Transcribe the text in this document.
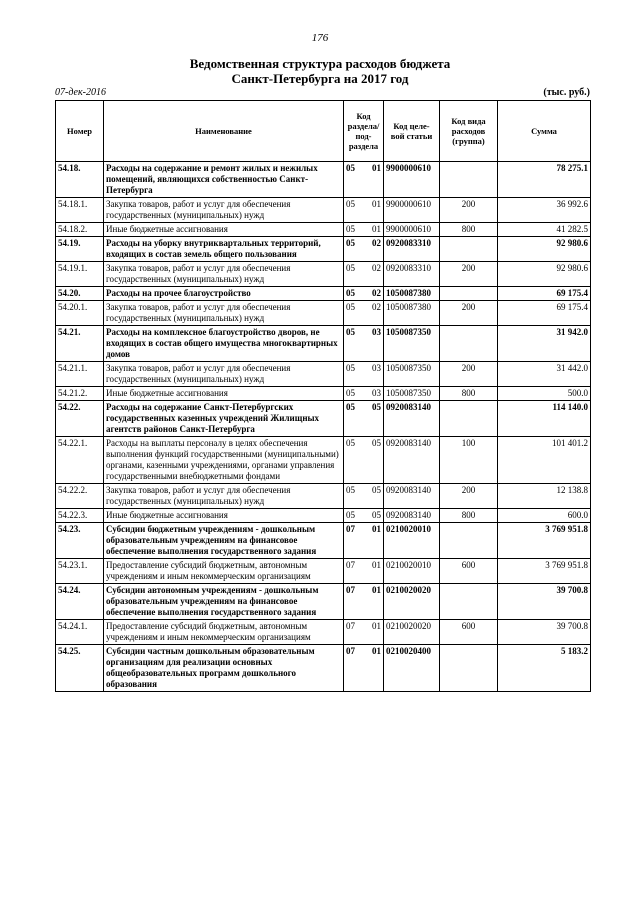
176
Ведомственная структура расходов бюджета
Санкт-Петербурга на 2017 год
07-дек-2016	(тыс. руб.)
Номер	Наименование	Код раздела/ под- раздела		Код целе- вой статьи	Код вида расходов (группа)	Сумма
54.18.	Расходы на содержание и ремонт жилых и нежилых помещений, являющихся собственностью Санкт-Петербурга	05	01	9900000610		78 275.1
54.18.1.	Закупка товаров, работ и услуг для обеспечения государственных (муниципальных) нужд	05	01	9900000610	200	36 992.6
54.18.2.	Иные бюджетные ассигнования	05	01	9900000610	800	41 282.5
54.19.	Расходы на уборку внутриквартальных территорий, входящих в состав земель общего пользования	05	02	0920083310		92 980.6
54.19.1.	Закупка товаров, работ и услуг для обеспечения государственных (муниципальных) нужд	05	02	0920083310	200	92 980.6
54.20.	Расходы на прочее благоустройство	05	02	1050087380		69 175.4
54.20.1.	Закупка товаров, работ и услуг для обеспечения государственных (муниципальных) нужд	05	02	1050087380	200	69 175.4
54.21.	Расходы на комплексное благоустройство дворов, не входящих в состав общего имущества многоквартирных домов	05	03	1050087350		31 942.0
54.21.1.	Закупка товаров, работ и услуг для обеспечения государственных (муниципальных) нужд	05	03	1050087350	200	31 442.0
54.21.2.	Иные бюджетные ассигнования	05	03	1050087350	800	500.0
54.22.	Расходы на содержание Санкт-Петербургских государственных казенных учреждений Жилищных агентств районов Санкт-Петербурга	05	05	0920083140		114 140.0
54.22.1.	Расходы на выплаты персоналу в целях обеспечения выполнения функций государственными (муниципальными) органами, казенными учреждениями, органами управления государственными внебюджетными фондами	05	05	0920083140	100	101 401.2
54.22.2.	Закупка товаров, работ и услуг для обеспечения государственных (муниципальных) нужд	05	05	0920083140	200	12 138.8
54.22.3.	Иные бюджетные ассигнования	05	05	0920083140	800	600.0
54.23.	Субсидии бюджетным учреждениям - дошкольным образовательным учреждениям на финансовое обеспечение выполнения государственного задания	07	01	0210020010		3 769 951.8
54.23.1.	Предоставление субсидий бюджетным, автономным учреждениям и иным некоммерческим организациям	07	01	0210020010	600	3 769 951.8
54.24.	Субсидии автономным учреждениям - дошкольным образовательным учреждениям на финансовое обеспечение выполнения государственного задания	07	01	0210020020		39 700.8
54.24.1.	Предоставление субсидий бюджетным, автономным учреждениям и иным некоммерческим организациям	07	01	0210020020	600	39 700.8
54.25.	Субсидии частным дошкольным образовательным организациям для реализации основных общеобразовательных программ дошкольного образования	07	01	0210020400		5 183.2
